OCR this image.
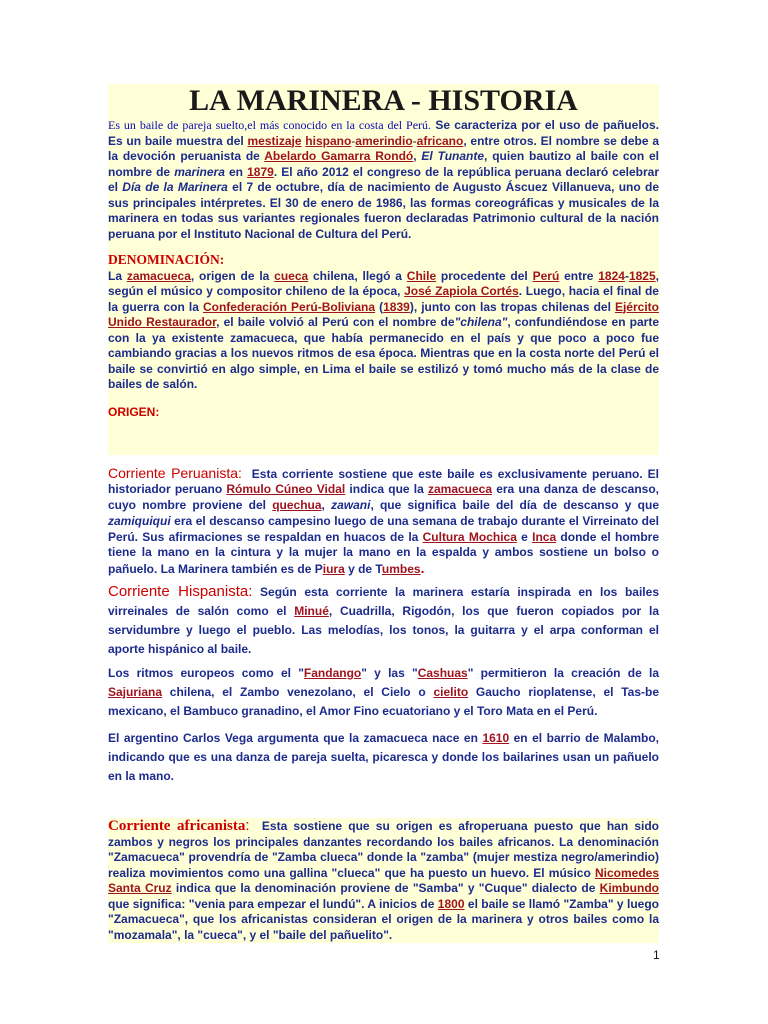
LA MARINERA - HISTORIA

Es un baile de pareja suelto,el más conocido en la costa del Perú. Se caracteriza por el uso de pañuelos. Es un baile muestra del mestizaje hispano-amerindio-africano, entre otros. El nombre se debe a la devoción peruanista de Abelardo Gamarra Rondó, El Tunante, quien bautizo al baile con el nombre de marinera en 1879. El año 2012 el congreso de la república peruana declaró celebrar el Día de la Marinera el 7 de octubre, día de nacimiento de Augusto Áscuez Villanueva, uno de sus principales intérpretes. El 30 de enero de 1986, las formas coreográficas y musicales de la marinera en todas sus variantes regionales fueron declaradas Patrimonio cultural de la nación peruana por el Instituto Nacional de Cultura del Perú.

DENOMINACIÓN:
La zamacueca, origen de la cueca chilena, llegó a Chile procedente del Perú entre 1824-1825, según el músico y compositor chileno de la época, José Zapiola Cortés. Luego, hacia el final de la guerra con la Confederación Perú-Boliviana (1839), junto con las tropas chilenas del Ejército Unido Restaurador, el baile volvió al Perú con el nombre de"chilena", confundiéndose en parte con la ya existente zamacueca, que había permanecido en el país y que poco a poco fue cambiando gracias a los nuevos ritmos de esa época. Mientras que en la costa norte del Perú el baile se convirtió en algo simple, en Lima el baile se estilizó y tomó mucho más de la clase de bailes de salón.

ORIGEN:

Corriente Peruanista: Esta corriente sostiene que este baile es exclusivamente peruano. El historiador peruano Rómulo Cúneo Vidal indica que la zamacueca era una danza de descanso, cuyo nombre proviene del quechua, zawani, que significa baile del día de descanso y que zamiquiqui era el descanso campesino luego de una semana de trabajo durante el Virreinato del Perú. Sus afirmaciones se respaldan en huacos de la Cultura Mochica e Inca donde el hombre tiene la mano en la cintura y la mujer la mano en la espalda y ambos sostiene un bolso o pañuelo. La Marinera también es de Piura y de Tumbes.

Corriente Hispanista: Según esta corriente la marinera estaría inspirada en los bailes virreinales de salón como el Minué, Cuadrilla, Rigodón, los que fueron copiados por la servidumbre y luego el pueblo. Las melodías, los tonos, la guitarra y el arpa conforman el aporte hispánico al baile.

Los ritmos europeos como el "Fandango" y las "Cashuas" permitieron la creación de la Sajuriana chilena, el Zambo venezolano, el Cielo o cielito Gaucho rioplatense, el Tas-be mexicano, el Bambuco granadino, el Amor Fino ecuatoriano y el Toro Mata en el Perú.

El argentino Carlos Vega argumenta que la zamacueca nace en 1610 en el barrio de Malambo, indicando que es una danza de pareja suelta, picaresca y donde los bailarines usan un pañuelo en la mano.

Corriente africanista: Esta sostiene que su origen es afroperuana puesto que han sido zambos y negros los principales danzantes recordando los bailes africanos. La denominación "Zamacueca" provendría de "Zamba clueca" donde la "zamba" (mujer mestiza negro/amerindio) realiza movimientos como una gallina "clueca" que ha puesto un huevo. El músico Nicomedes Santa Cruz indica que la denominación proviene de "Samba" y "Cuque" dialecto de Kimbundo que significa: "venia para empezar el lundú". A inicios de 1800 el baile se llamó "Zamba" y luego "Zamacueca", que los africanistas consideran el origen de la marinera y otros bailes como la "mozamala", la "cueca", y el "baile del pañuelito".

1
